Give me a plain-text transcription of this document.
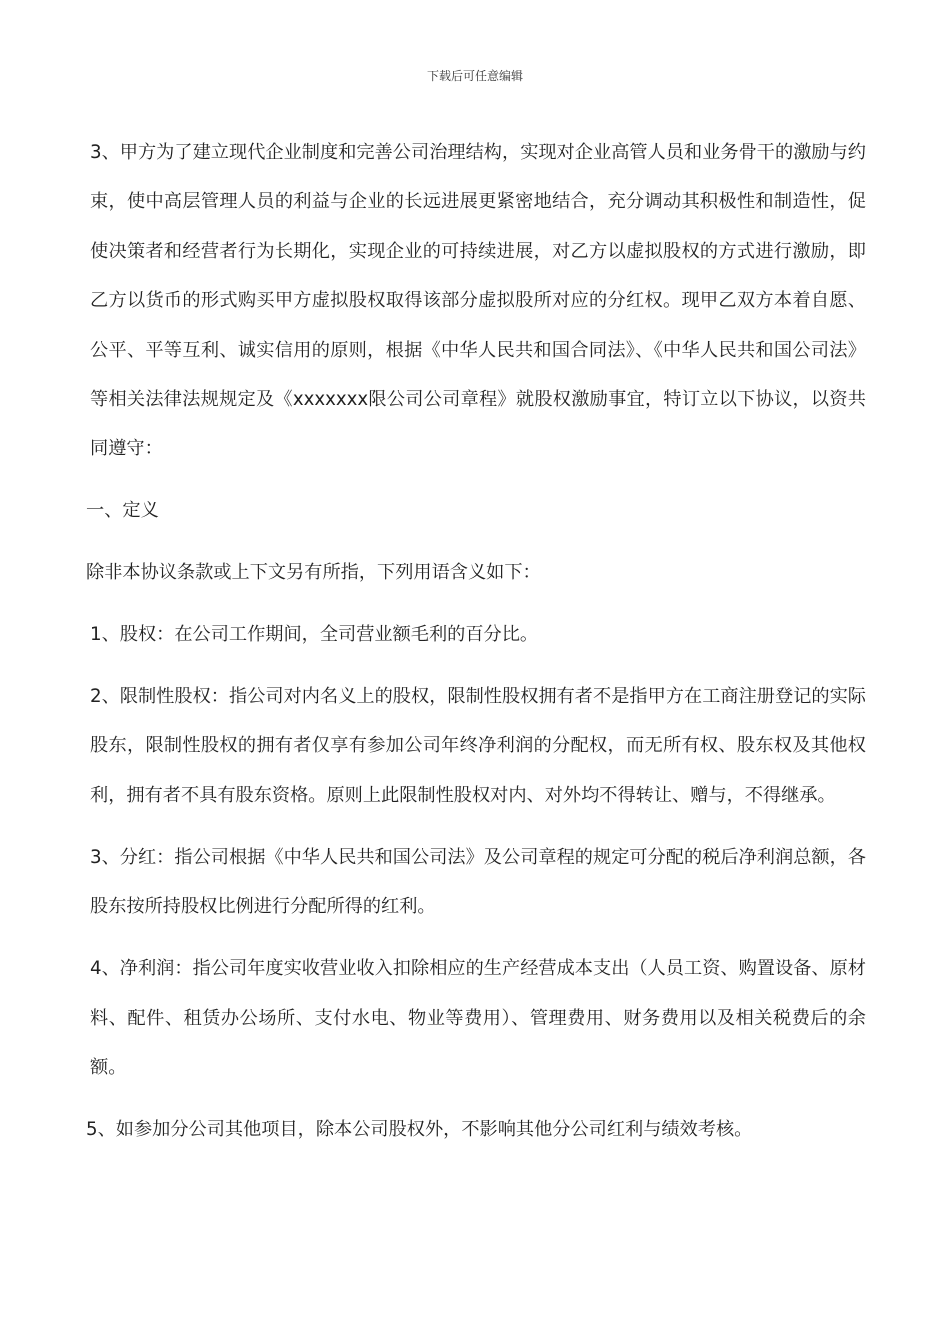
下载后可任意编辑

3、甲方为了建立现代企业制度和完善公司治理结构，实现对企业高管人员和业务骨干的激励与约束，使中高层管理人员的利益与企业的长远进展更紧密地结合，充分调动其积极性和制造性，促使决策者和经营者行为长期化，实现企业的可持续进展，对乙方以虚拟股权的方式进行激励，即乙方以货币的形式购买甲方虚拟股权取得该部分虚拟股所对应的分红权。现甲乙双方本着自愿、公平、平等互利、诚实信用的原则，根据《中华人民共和国合同法》、《中华人民共和国公司法》等相关法律法规规定及《xxxxxxx限公司公司章程》就股权激励事宜，特订立以下协议，以资共同遵守：

一、定义

除非本协议条款或上下文另有所指，下列用语含义如下：

1、股权：在公司工作期间，全司营业额毛利的百分比。

2、限制性股权：指公司对内名义上的股权，限制性股权拥有者不是指甲方在工商注册登记的实际股东，限制性股权的拥有者仅享有参加公司年终净利润的分配权，而无所有权、股东权及其他权利，拥有者不具有股东资格。原则上此限制性股权对内、对外均不得转让、赠与，不得继承。

3、分红：指公司根据《中华人民共和国公司法》及公司章程的规定可分配的税后净利润总额，各股东按所持股权比例进行分配所得的红利。

4、净利润：指公司年度实收营业收入扣除相应的生产经营成本支出（人员工资、购置设备、原材料、配件、租赁办公场所、支付水电、物业等费用）、管理费用、财务费用以及相关税费后的余额。

5、如参加分公司其他项目，除本公司股权外，不影响其他分公司红利与绩效考核。
